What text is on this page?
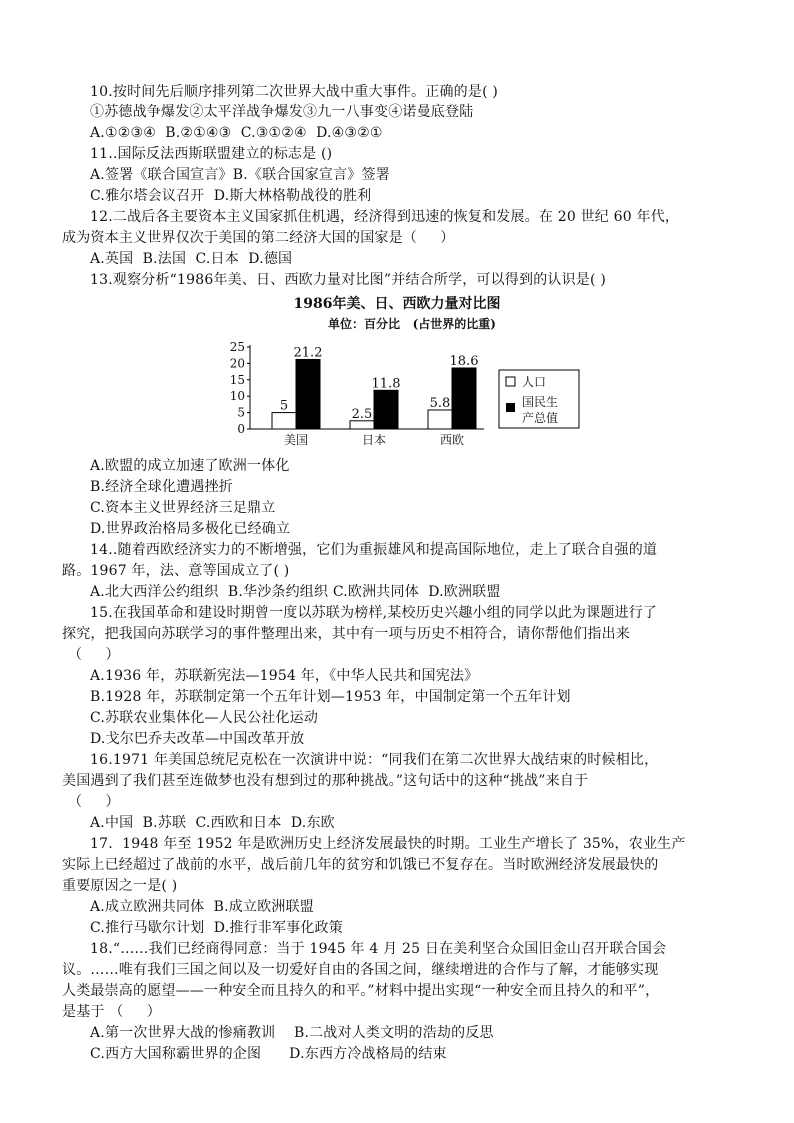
10.按时间先后顺序排列第二次世界大战中重大事件。正确的是( )
①苏德战争爆发②太平洋战争爆发③九一八事变④诺曼底登陆
A.①②③④  B.②①④③  C.③①②④  D.④③②①
11..国际反法西斯联盟建立的标志是 ()
A.签署《联合国宣言》B.《联合国家宣言》签署
C.雅尔塔会议召开  D.斯大林格勒战役的胜利
12.二战后各主要资本主义国家抓住机遇，经济得到迅速的恢复和发展。在 20 世纪 60 年代，
成为资本主义世界仅次于美国的第二经济大国的国家是（     ）
A.英国  B.法国  C.日本  D.德国
13.观察分析“1986年美、日、西欧力量对比图”并结合所学，可以得到的认识是( )
1986年美、日、西欧力量对比图
单位：百分比   (占世界的比重)
0
5
10
15
20
25
5
21.2
美国
2.5
11.8
日本
5.8
18.6
西欧
人口
国民生
产总值
A.欧盟的成立加速了欧洲一体化
B.经济全球化遭遇挫折
C.资本主义世界经济三足鼎立
D.世界政治格局多极化已经确立
14..随着西欧经济实力的不断增强，它们为重振雄风和提高国际地位，走上了联合自强的道
路。1967 年，法、意等国成立了( )
A.北大西洋公约组织  B.华沙条约组织 C.欧洲共同体  D.欧洲联盟
15.在我国革命和建设时期曾一度以苏联为榜样,某校历史兴趣小组的同学以此为课题进行了
探究，把我国向苏联学习的事件整理出来，其中有一项与历史不相符合，请你帮他们指出来
（     ）
A.1936 年，苏联新宪法—1954 年，《中华人民共和国宪法》
B.1928 年，苏联制定第一个五年计划—1953 年，中国制定第一个五年计划
C.苏联农业集体化—人民公社化运动
D.戈尔巴乔夫改革—中国改革开放
16.1971 年美国总统尼克松在一次演讲中说：“同我们在第二次世界大战结束的时候相比，
美国遇到了我们甚至连做梦也没有想到过的那种挑战。”这句话中的这种“挑战”来自于
（     ）
A.中国  B.苏联  C.西欧和日本  D.东欧
17.  1948 年至 1952 年是欧洲历史上经济发展最快的时期。工业生产增长了 35%，农业生产
实际上已经超过了战前的水平，战后前几年的贫穷和饥饿已不复存在。当时欧洲经济发展最快的
重要原因之一是( )
A.成立欧洲共同体  B.成立欧洲联盟
C.推行马歇尔计划  D.推行非军事化政策
18.“……我们已经商得同意：当于 1945 年 4 月 25 日在美利坚合众国旧金山召开联合国会
议。……唯有我们三国之间以及一切爱好自由的各国之间，继续增进的合作与了解，才能够实现
人类最崇高的愿望——一种安全而且持久的和平。”材料中提出实现“一种安全而且持久的和平”，
是基于 （     ）
A.第一次世界大战的惨痛教训    B.二战对人类文明的浩劫的反思
C.西方大国称霸世界的企图      D.东西方冷战格局的结束
